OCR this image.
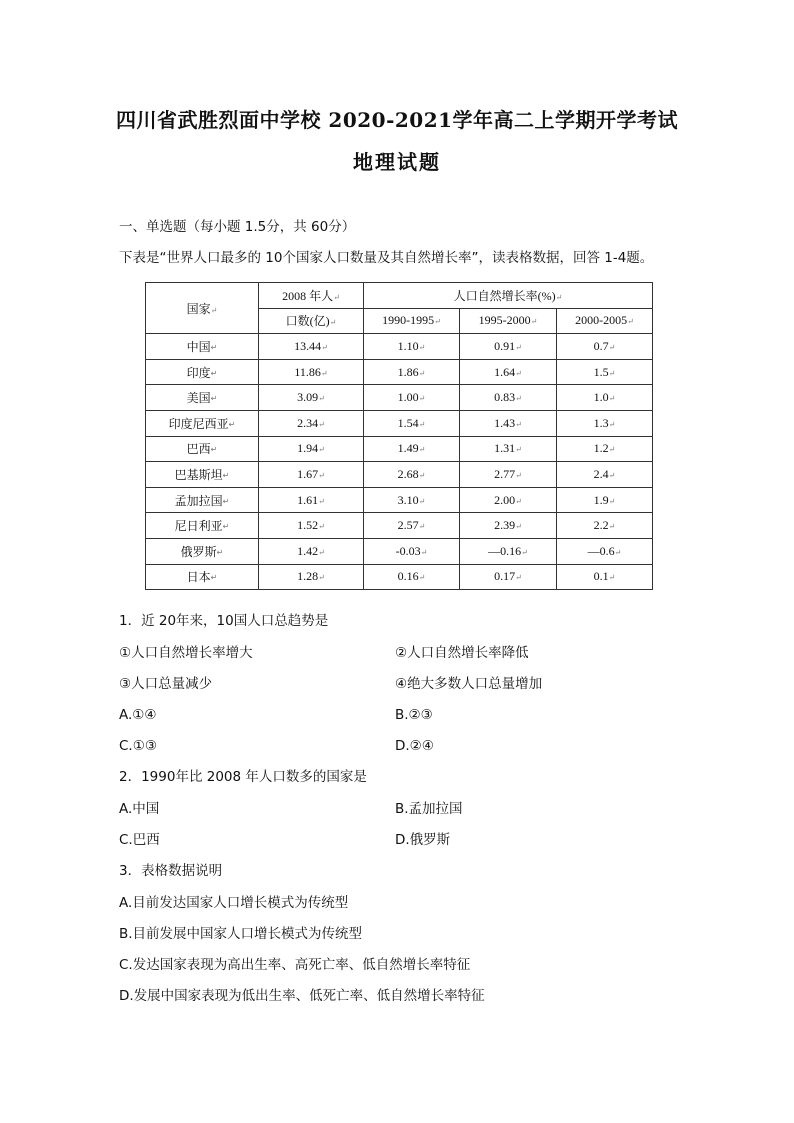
四川省武胜烈面中学校 2020-2021学年高二上学期开学考试
地理试题
一、单选题（每小题 1.5分，共 60分）
下表是“世界人口最多的 10个国家人口数量及其自然增长率”，读表格数据，回答 1-4题。
国家↵	2008 年人↵	人口自然增长率(%)↵		
	口数(亿)↵	1990-1995↵	1995-2000↵	2000-2005↵
中国↵	13.44↵	1.10↵	0.91↵	0.7↵
印度↵	11.86↵	1.86↵	1.64↵	1.5↵
美国↵	3.09↵	1.00↵	0.83↵	1.0↵
印度尼西亚↵	2.34↵	1.54↵	1.43↵	1.3↵
巴西↵	1.94↵	1.49↵	1.31↵	1.2↵
巴基斯坦↵	1.67↵	2.68↵	2.77↵	2.4↵
孟加拉国↵	1.61↵	3.10↵	2.00↵	1.9↵
尼日利亚↵	1.52↵	2.57↵	2.39↵	2.2↵
俄罗斯↵	1.42↵	-0.03↵	—0.16↵	—0.6↵
日本↵	1.28↵	0.16↵	0.17↵	0.1↵
1．近 20年来，10国人口总趋势是
①人口自然增长率增大	②人口自然增长率降低
③人口总量减少	④绝大多数人口总量增加
A.①④	B.②③
C.①③	D.②④
2．1990年比 2008 年人口数多的国家是
A.中国	B.孟加拉国
C.巴西	D.俄罗斯
3．表格数据说明
A.目前发达国家人口增长模式为传统型
B.目前发展中国家人口增长模式为传统型
C.发达国家表现为高出生率、高死亡率、低自然增长率特征
D.发展中国家表现为低出生率、低死亡率、低自然增长率特征
